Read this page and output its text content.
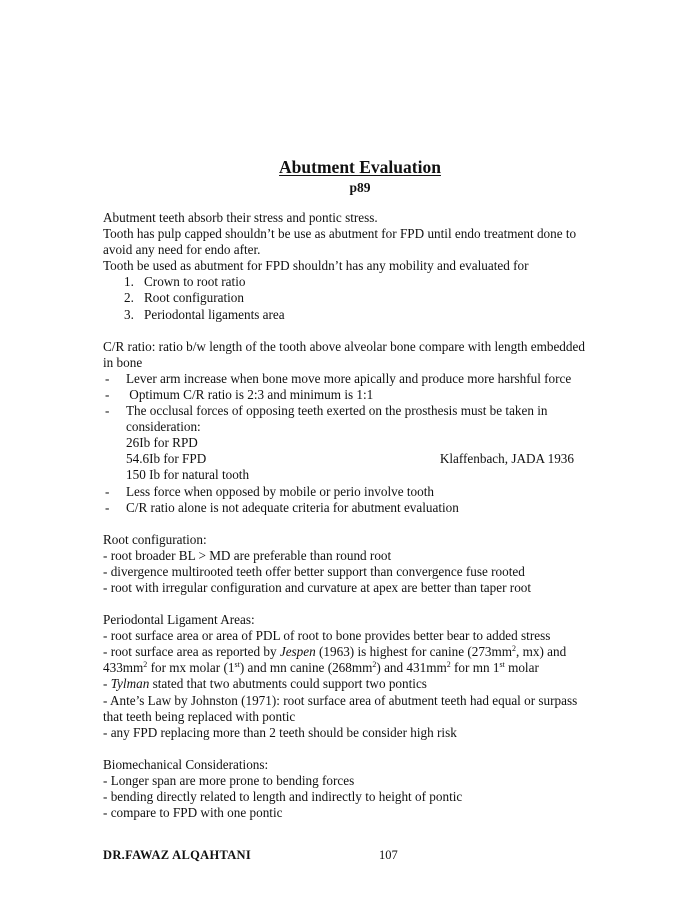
Abutment Evaluation
p89

Abutment teeth absorb their stress and pontic stress.

Tooth has pulp capped shouldn’t be use as abutment for FPD until endo treatment done to

avoid any need for endo after.

Tooth be used as abutment for FPD shouldn’t has any mobility and evaluated for

1. Crown to root ratio
2. Root configuration
3. Periodontal ligaments area

C/R ratio: ratio b/w length of the tooth above alveolar bone compare with length embedded

in bone

- Lever arm increase when bone move more apically and produce more harshful force
- Optimum C/R ratio is 2:3 and minimum is 1:1
- The occlusal forces of opposing teeth exerted on the prosthesis must be taken in
consideration:
26Ib for RPD
54.6Ib for FPD	Klaffenbach, JADA 1936
150 Ib for natural tooth
- Less force when opposed by mobile or perio involve tooth
- C/R ratio alone is not adequate criteria for abutment evaluation

Root configuration:

- root broader BL > MD are preferable than round root

- divergence multirooted teeth offer better support than convergence fuse rooted

- root with irregular configuration and curvature at apex are better than taper root

Periodontal Ligament Areas:

- root surface area or area of PDL of root to bone provides better bear to added stress

- root surface area as reported by Jespen (1963) is highest for canine ($273mm^2$, mx) and

$433mm^2$ for mx molar (1st) and mn canine $(268mm^2)$ and $431mm^2$ for mn 1st molar

- Tylman stated that two abutments could support two pontics

- Ante’s Law by Johnston (1971): root surface area of abutment teeth had equal or surpass

that teeth being replaced with pontic

- any FPD replacing more than 2 teeth should be consider high risk

Biomechanical Considerations:

- Longer span are more prone to bending forces

- bending directly related to length and indirectly to height of pontic

- compare to FPD with one pontic

DR.FAWAZ ALQAHTANI	107
